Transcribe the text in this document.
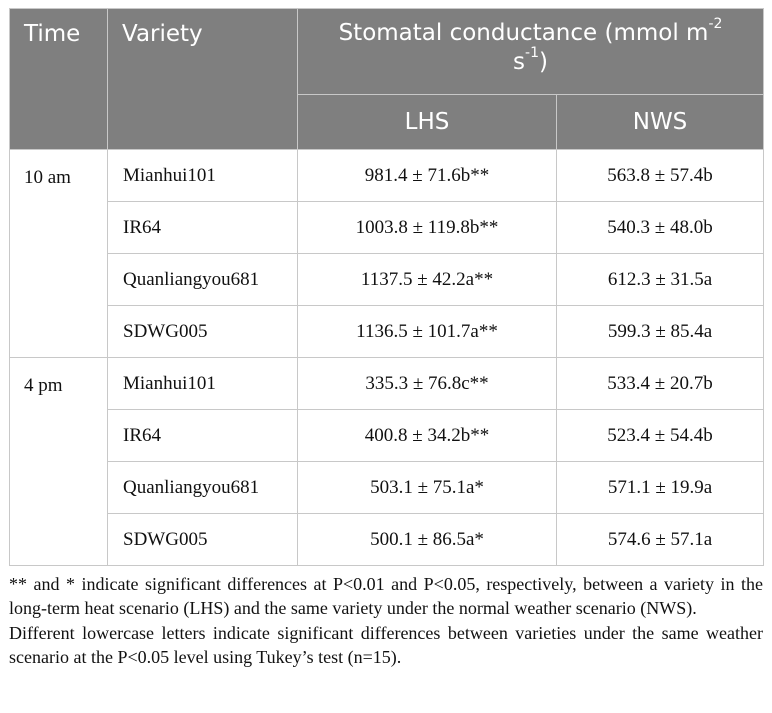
Time	Variety	Stomatal conductance (mmol $m^{-2}$
$s^{-1}$)	

		LHS	NWS

10 am	Mianhui101	981.4 ± 71.6b**	563.8 ± 57.4b
	IR64	1003.8 ± 119.8b**	540.3 ± 48.0b
	Quanliangyou681	1137.5 ± 42.2a**	612.3 ± 31.5a
	SDWG005	1136.5 ± 101.7a**	599.3 ± 85.4a
4 pm	Mianhui101	335.3 ± 76.8c**	533.4 ± 20.7b
	IR64	400.8 ± 34.2b**	523.4 ± 54.4b
	Quanliangyou681	503.1 ± 75.1a*	571.1 ± 19.9a
	SDWG005	500.1 ± 86.5a*	574.6 ± 57.1a

** and * indicate significant differences at P<0.01 and P<0.05, respectively, between a variety in the long-term heat scenario (LHS) and the same variety under the normal weather scenario (NWS).

Different lowercase letters indicate significant differences between varieties under the same weather scenario at the P<0.05 level using Tukey’s test (n=15).
